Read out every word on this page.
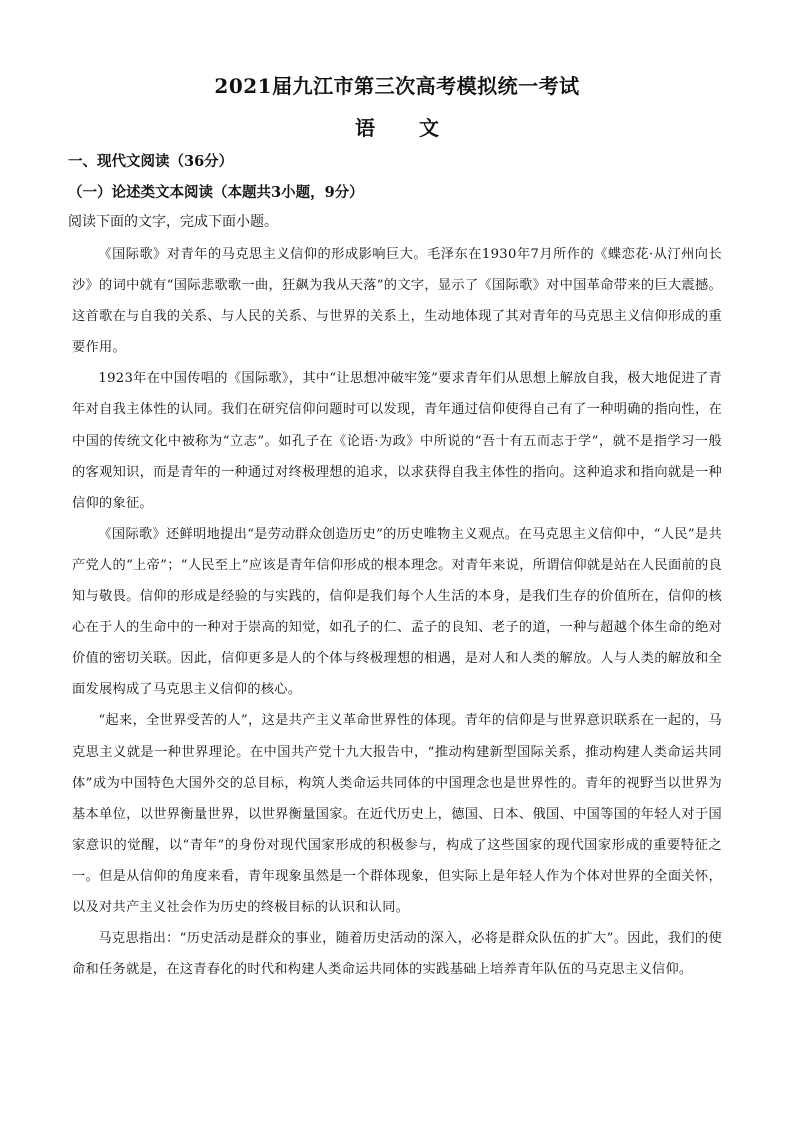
2021届九江市第三次高考模拟统一考试
语文
一、现代文阅读（36分）
（一）论述类文本阅读（本题共3小题，9分）
阅读下面的文字，完成下面小题。

《国际歌》对青年的马克思主义信仰的形成影响巨大。毛泽东在1930年7月所作的《蝶恋花·从汀州向长沙》的词中就有“国际悲歌歌一曲，狂飙为我从天落”的文字，显示了《国际歌》对中国革命带来的巨大震撼。这首歌在与自我的关系、与人民的关系、与世界的关系上，生动地体现了其对青年的马克思主义信仰形成的重要作用。

1923年在中国传唱的《国际歌》，其中“让思想冲破牢笼”要求青年们从思想上解放自我，极大地促进了青年对自我主体性的认同。我们在研究信仰问题时可以发现，青年通过信仰使得自己有了一种明确的指向性，在中国的传统文化中被称为“立志”。如孔子在《论语·为政》中所说的“吾十有五而志于学”，就不是指学习一般的客观知识，而是青年的一种通过对终极理想的追求，以求获得自我主体性的指向。这种追求和指向就是一种信仰的象征。

《国际歌》还鲜明地提出“是劳动群众创造历史”的历史唯物主义观点。在马克思主义信仰中，“人民”是共产党人的“上帝”；“人民至上”应该是青年信仰形成的根本理念。对青年来说，所谓信仰就是站在人民面前的良知与敬畏。信仰的形成是经验的与实践的，信仰是我们每个人生活的本身，是我们生存的价值所在，信仰的核心在于人的生命中的一种对于崇高的知觉，如孔子的仁、孟子的良知、老子的道，一种与超越个体生命的绝对价值的密切关联。因此，信仰更多是人的个体与终极理想的相遇，是对人和人类的解放。人与人类的解放和全面发展构成了马克思主义信仰的核心。

“起来，全世界受苦的人”，这是共产主义革命世界性的体现。青年的信仰是与世界意识联系在一起的，马克思主义就是一种世界理论。在中国共产党十九大报告中，“推动构建新型国际关系，推动构建人类命运共同体”成为中国特色大国外交的总目标，构筑人类命运共同体的中国理念也是世界性的。青年的视野当以世界为基本单位，以世界衡量世界，以世界衡量国家。在近代历史上，德国、日本、俄国、中国等国的年轻人对于国家意识的觉醒，以“青年”的身份对现代国家形成的积极参与，构成了这些国家的现代国家形成的重要特征之一。但是从信仰的角度来看，青年现象虽然是一个群体现象，但实际上是年轻人作为个体对世界的全面关怀，以及对共产主义社会作为历史的终极目标的认识和认同。

马克思指出：“历史活动是群众的事业，随着历史活动的深入，必将是群众队伍的扩大”。因此，我们的使命和任务就是，在这青春化的时代和构建人类命运共同体的实践基础上培养青年队伍的马克思主义信仰。
